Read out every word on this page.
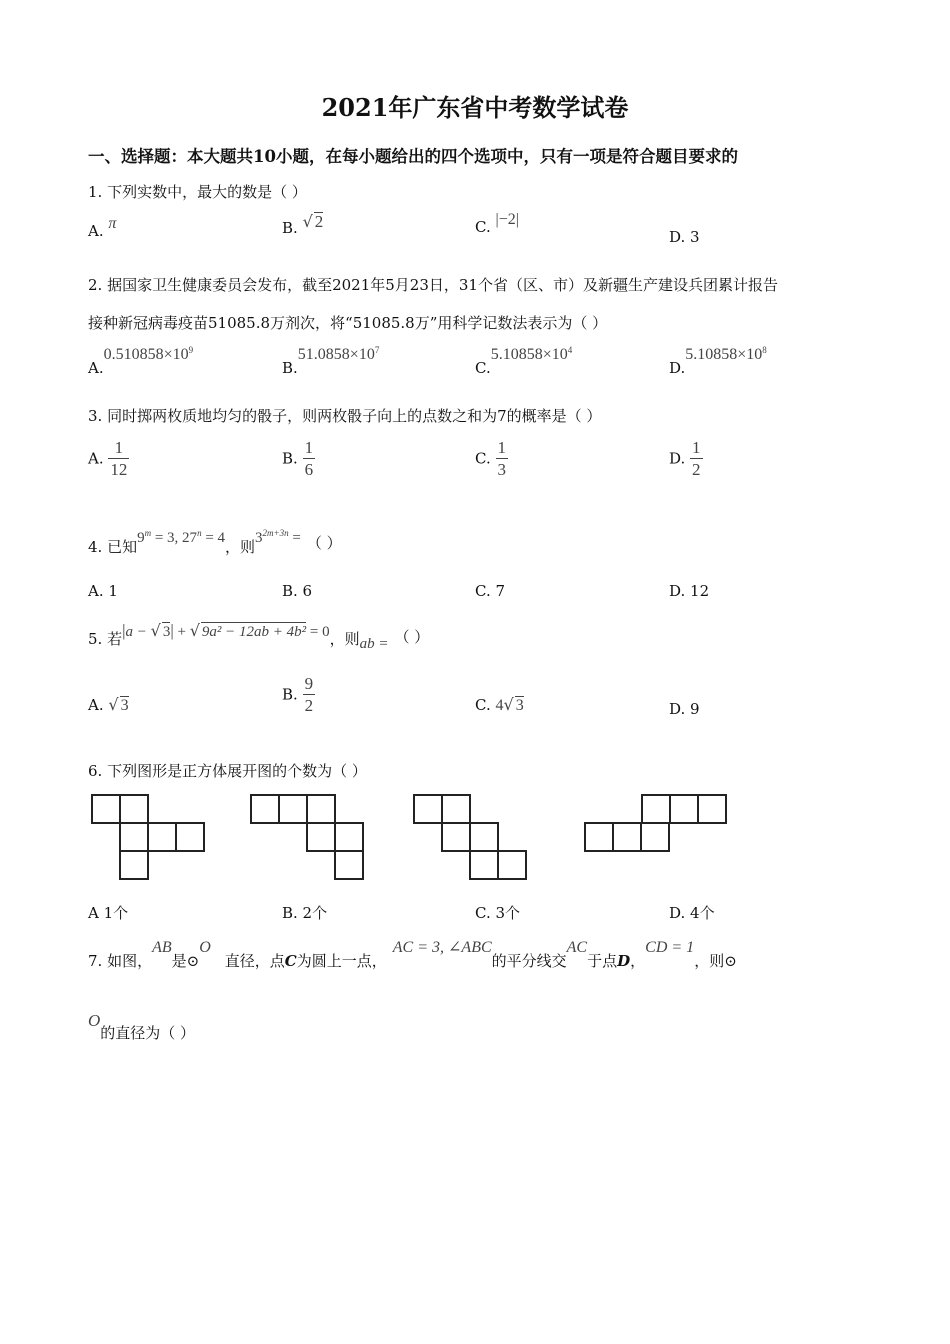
2021年广东省中考数学试卷
一、选择题：本大题共10小题，在每小题给出的四个选项中，只有一项是符合题目要求的
1. 下列实数中，最大的数是（ ）
A. π	B. √ 2	C. |−2|
D. 3
2. 据国家卫生健康委员会发布，截至2021年5月23日，31个省（区、市）及新疆生产建设兵团累计报告
接种新冠病毒疫苗51085.8万剂次，将“51085.8万”用科学记数法表示为（ ）
$A.0.510858\times 10^9$
$B.51.0858\times 10^7$
$C.5.10858\times 10^4$
$D.5.10858\times 10^8$
3. 同时掷两枚质地均匀的骰子，则两枚骰子向上的点数之和为7的概率是（ ）
A. $\frac{1}{12}$	B. $\frac{1}{6}$	C. $\frac{1}{3}$	D. $\frac{1}{2}$
4. 已知$9^m = 3$, $27^n = 4$，则$3^{2m+3n}$ = （ ）
A. 1	B. 6	C. 7	D. 12
5. 若|a − √ 3| + √ 9a² − 12ab + 4b² = 0，则ab = （ ）
A. √ 3
B. $\frac{9}{2}$	C. 4√ 3	D. 9
6. 下列图形是正方体展开图的个数为（ ）
A 1个	B. 2个	C. 3个	D. 4个
7. 如图，AB是⊙O直径，点C为圆上一点，AC = 3, ∠ABC的平分线交AC于点D，CD = 1，则⊙
O的直径为（ ）
